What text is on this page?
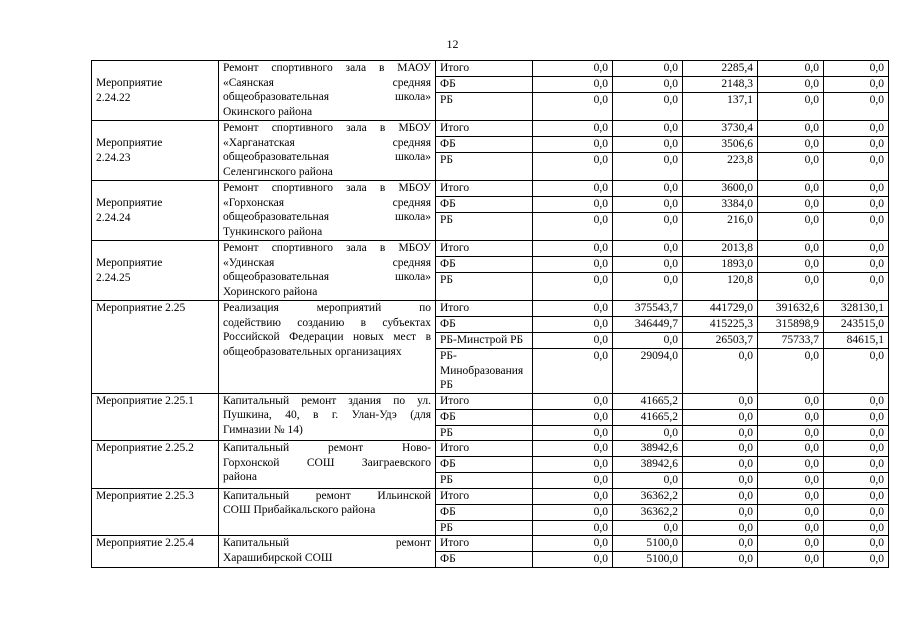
12
Мероприятие
2.24.22	Ремонт спортивного зала в МАОУ
«Саянская средняя
общеобразовательная школа»
Окинского района	Итого	0,0	0,0	2285,4	0,0	0,0
		ФБ	0,0	0,0	2148,3	0,0	0,0
		РБ	0,0	0,0	137,1	0,0	0,0

Мероприятие
2.24.23	Ремонт спортивного зала в МБОУ
«Харганатская средняя
общеобразовательная школа»
Селенгинского района	Итого	0,0	0,0	3730,4	0,0	0,0
		ФБ	0,0	0,0	3506,6	0,0	0,0
		РБ	0,0	0,0	223,8	0,0	0,0

Мероприятие
2.24.24	Ремонт спортивного зала в МБОУ
«Горхонская средняя
общеобразовательная школа»
Тункинского района	Итого	0,0	0,0	3600,0	0,0	0,0
		ФБ	0,0	0,0	3384,0	0,0	0,0
		РБ	0,0	0,0	216,0	0,0	0,0

Мероприятие
2.24.25	Ремонт спортивного зала в МБОУ
«Удинская средняя
общеобразовательная школа»
Хоринского района	Итого	0,0	0,0	2013,8	0,0	0,0
		ФБ	0,0	0,0	1893,0	0,0	0,0
		РБ	0,0	0,0	120,8	0,0	0,0

Мероприятие 2.25	Реализация мероприятий по
содействию созданию в субъектах
Российской Федерации новых мест в
общеобразовательных организациях	Итого	0,0	375543,7	441729,0	391632,6	328130,1
		ФБ	0,0	346449,7	415225,3	315898,9	243515,0
		РБ-Минстрой РБ	0,0	0,0	26503,7	75733,7	84615,1
		РБ-
Минобразования
РБ	0,0	29094,0	0,0	0,0	0,0

Мероприятие 2.25.1	Капитальный ремонт здания по ул.
Пушкина, 40, в г. Улан-Удэ (для
Гимназии № 14)	Итого	0,0	41665,2	0,0	0,0	0,0
		ФБ	0,0	41665,2	0,0	0,0	0,0
		РБ	0,0	0,0	0,0	0,0	0,0

Мероприятие 2.25.2	Капитальный ремонт Ново-
Горхонской СОШ Заиграевского
района	Итого	0,0	38942,6	0,0	0,0	0,0
		ФБ	0,0	38942,6	0,0	0,0	0,0
		РБ	0,0	0,0	0,0	0,0	0,0

Мероприятие 2.25.3	Капитальный ремонт Ильинской
СОШ Прибайкальского района	Итого	0,0	36362,2	0,0	0,0	0,0
		ФБ	0,0	36362,2	0,0	0,0	0,0
		РБ	0,0	0,0	0,0	0,0	0,0

Мероприятие 2.25.4	Капитальный ремонт
Харашибирской СОШ	Итого	0,0	5100,0	0,0	0,0	0,0
		ФБ	0,0	5100,0	0,0	0,0	0,0
